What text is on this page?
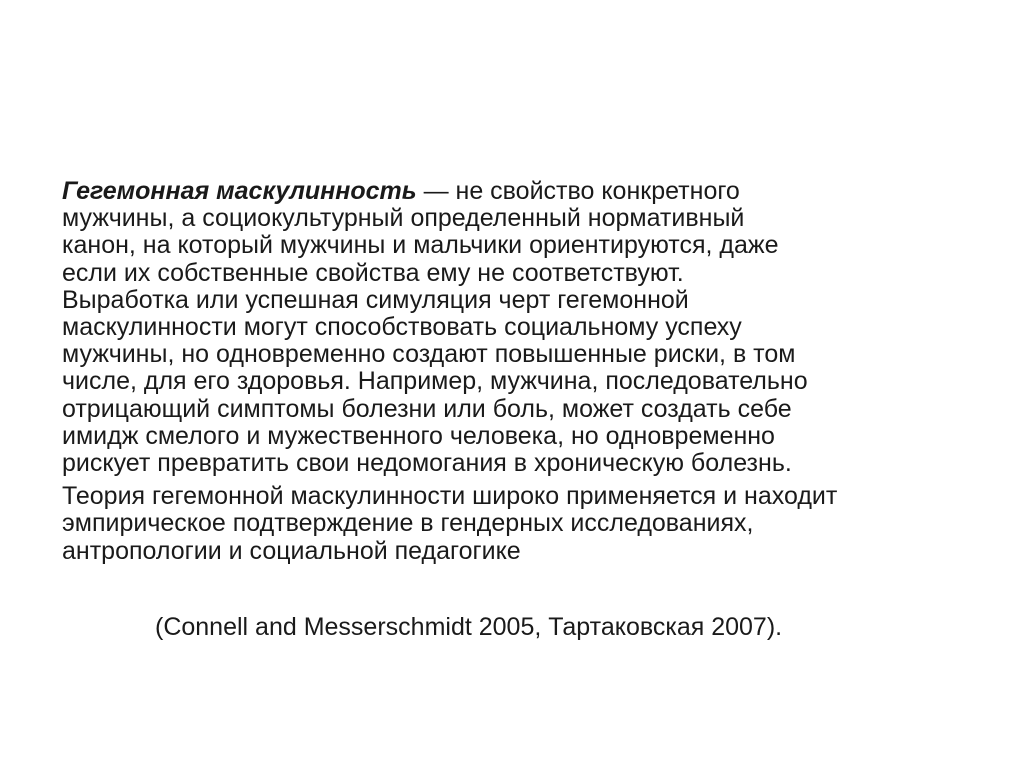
Гегемонная маскулинность — не свойство конкретного
мужчины, а социокультурный определенный нормативный
канон, на который мужчины и мальчики ориентируются, даже
если их собственные свойства ему не соответствуют.
Выработка или успешная симуляция черт гегемонной
маскулинности могут способствовать социальному успеху
мужчины, но одновременно создают повышенные риски, в том
числе, для его здоровья. Например, мужчина, последовательно
отрицающий симптомы болезни или боль, может создать себе
имидж смелого и мужественного человека, но одновременно
рискует превратить свои недомогания в хроническую болезнь.

Теория гегемонной маскулинности широко применяется и находит
эмпирическое подтверждение в гендерных исследованиях,
антропологии и социальной педагогике

(Connell and Messerschmidt 2005, Тартаковская 2007).
